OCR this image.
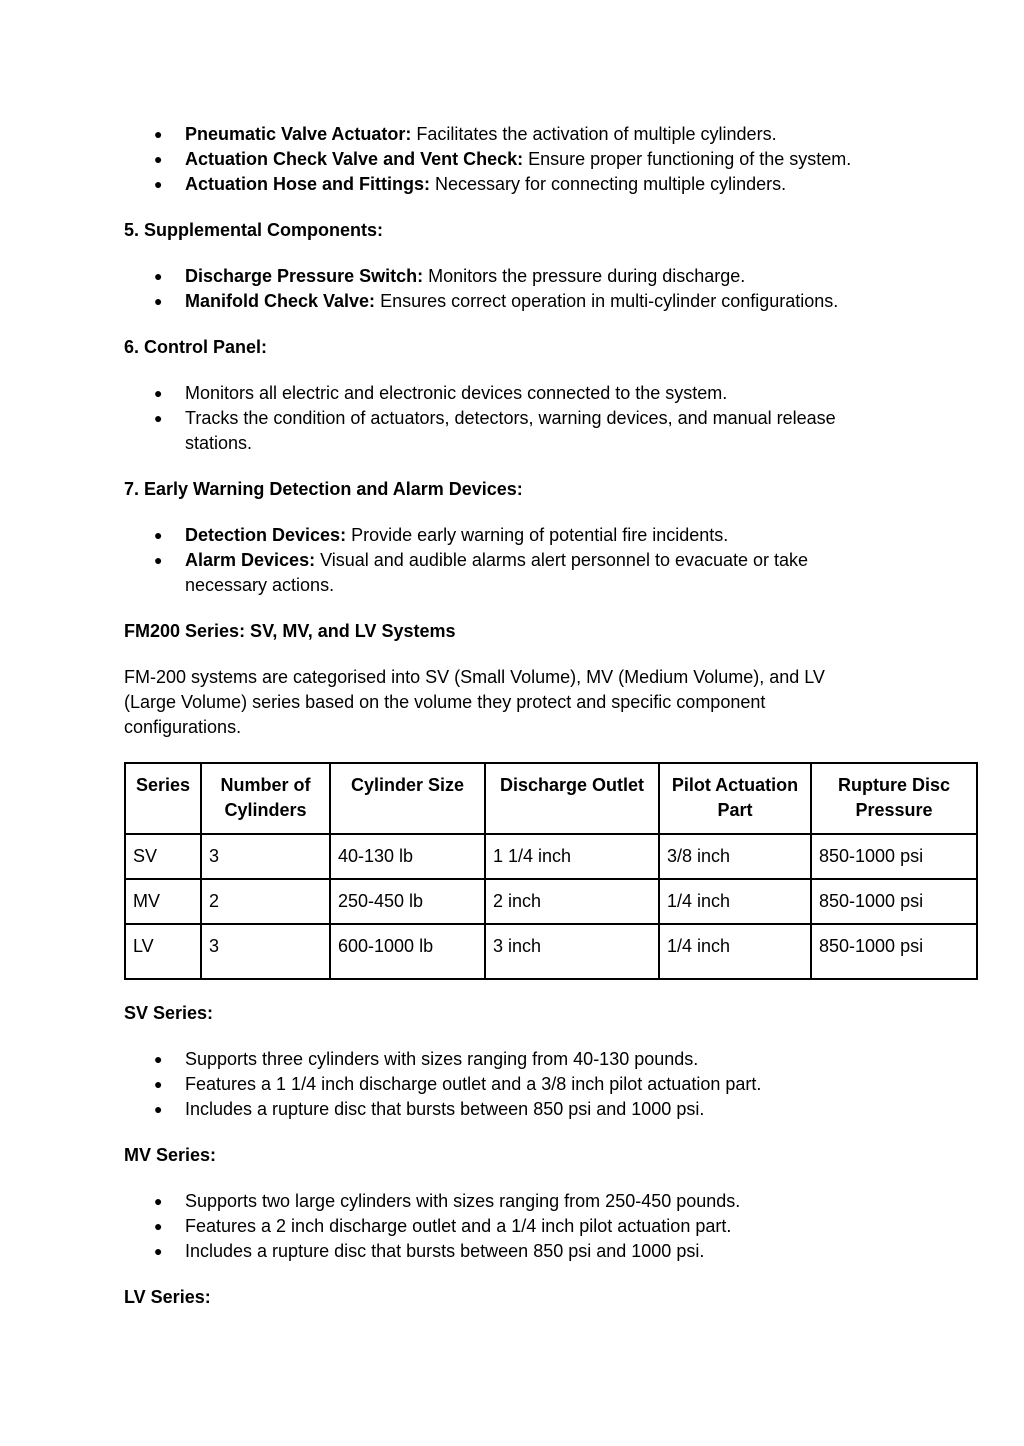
● Pneumatic Valve Actuator: Facilitates the activation of multiple cylinders.
● Actuation Check Valve and Vent Check: Ensure proper functioning of the system.
● Actuation Hose and Fittings: Necessary for connecting multiple cylinders.

5. Supplemental Components:

● Discharge Pressure Switch: Monitors the pressure during discharge.
● Manifold Check Valve: Ensures correct operation in multi-cylinder configurations.

6. Control Panel:

● Monitors all electric and electronic devices connected to the system.
● Tracks the condition of actuators, detectors, warning devices, and manual release stations.

7. Early Warning Detection and Alarm Devices:

● Detection Devices: Provide early warning of potential fire incidents.
● Alarm Devices: Visual and audible alarms alert personnel to evacuate or take necessary actions.

FM200 Series: SV, MV, and LV Systems

FM-200 systems are categorised into SV (Small Volume), MV (Medium Volume), and LV (Large Volume) series based on the volume they protect and specific component configurations.

Series	Number of Cylinders	Cylinder Size	Discharge Outlet	Pilot Actuation Part	Rupture Disc Pressure
SV	3	40-130 lb	1 1/4 inch	3/8 inch	850-1000 psi
MV	2	250-450 lb	2 inch	1/4 inch	850-1000 psi
LV	3	600-1000 lb	3 inch	1/4 inch	850-1000 psi

SV Series:

● Supports three cylinders with sizes ranging from 40-130 pounds.
● Features a 1 1/4 inch discharge outlet and a 3/8 inch pilot actuation part.
● Includes a rupture disc that bursts between 850 psi and 1000 psi.

MV Series:

● Supports two large cylinders with sizes ranging from 250-450 pounds.
● Features a 2 inch discharge outlet and a 1/4 inch pilot actuation part.
● Includes a rupture disc that bursts between 850 psi and 1000 psi.

LV Series:
